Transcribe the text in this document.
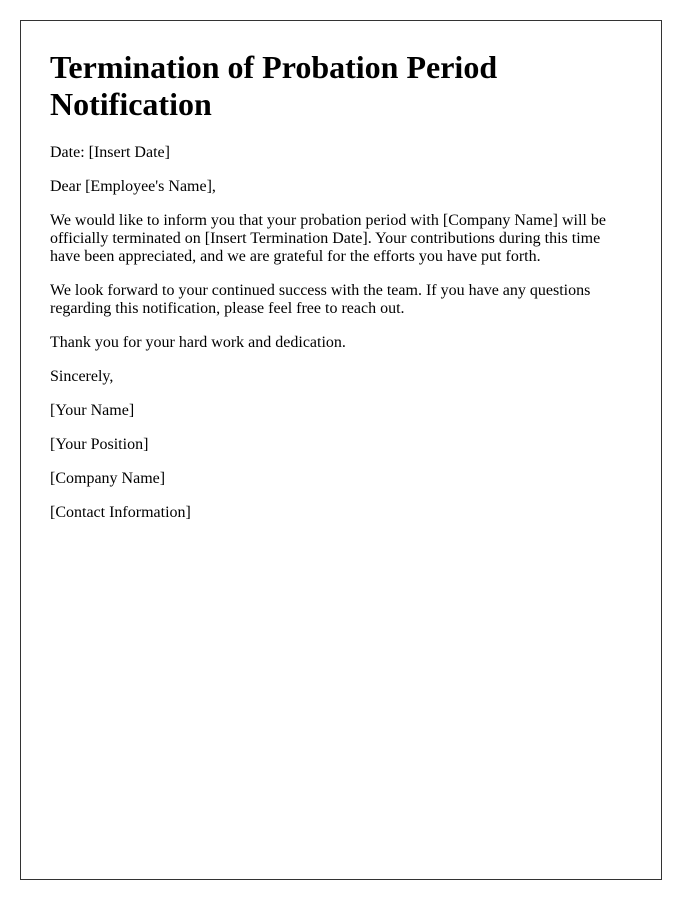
Termination of Probation Period Notification

Date: [Insert Date]

Dear [Employee's Name],

We would like to inform you that your probation period with [Company Name] will be officially terminated on [Insert Termination Date]. Your contributions during this time have been appreciated, and we are grateful for the efforts you have put forth.

We look forward to your continued success with the team. If you have any questions regarding this notification, please feel free to reach out.

Thank you for your hard work and dedication.

Sincerely,

[Your Name]

[Your Position]

[Company Name]

[Contact Information]
